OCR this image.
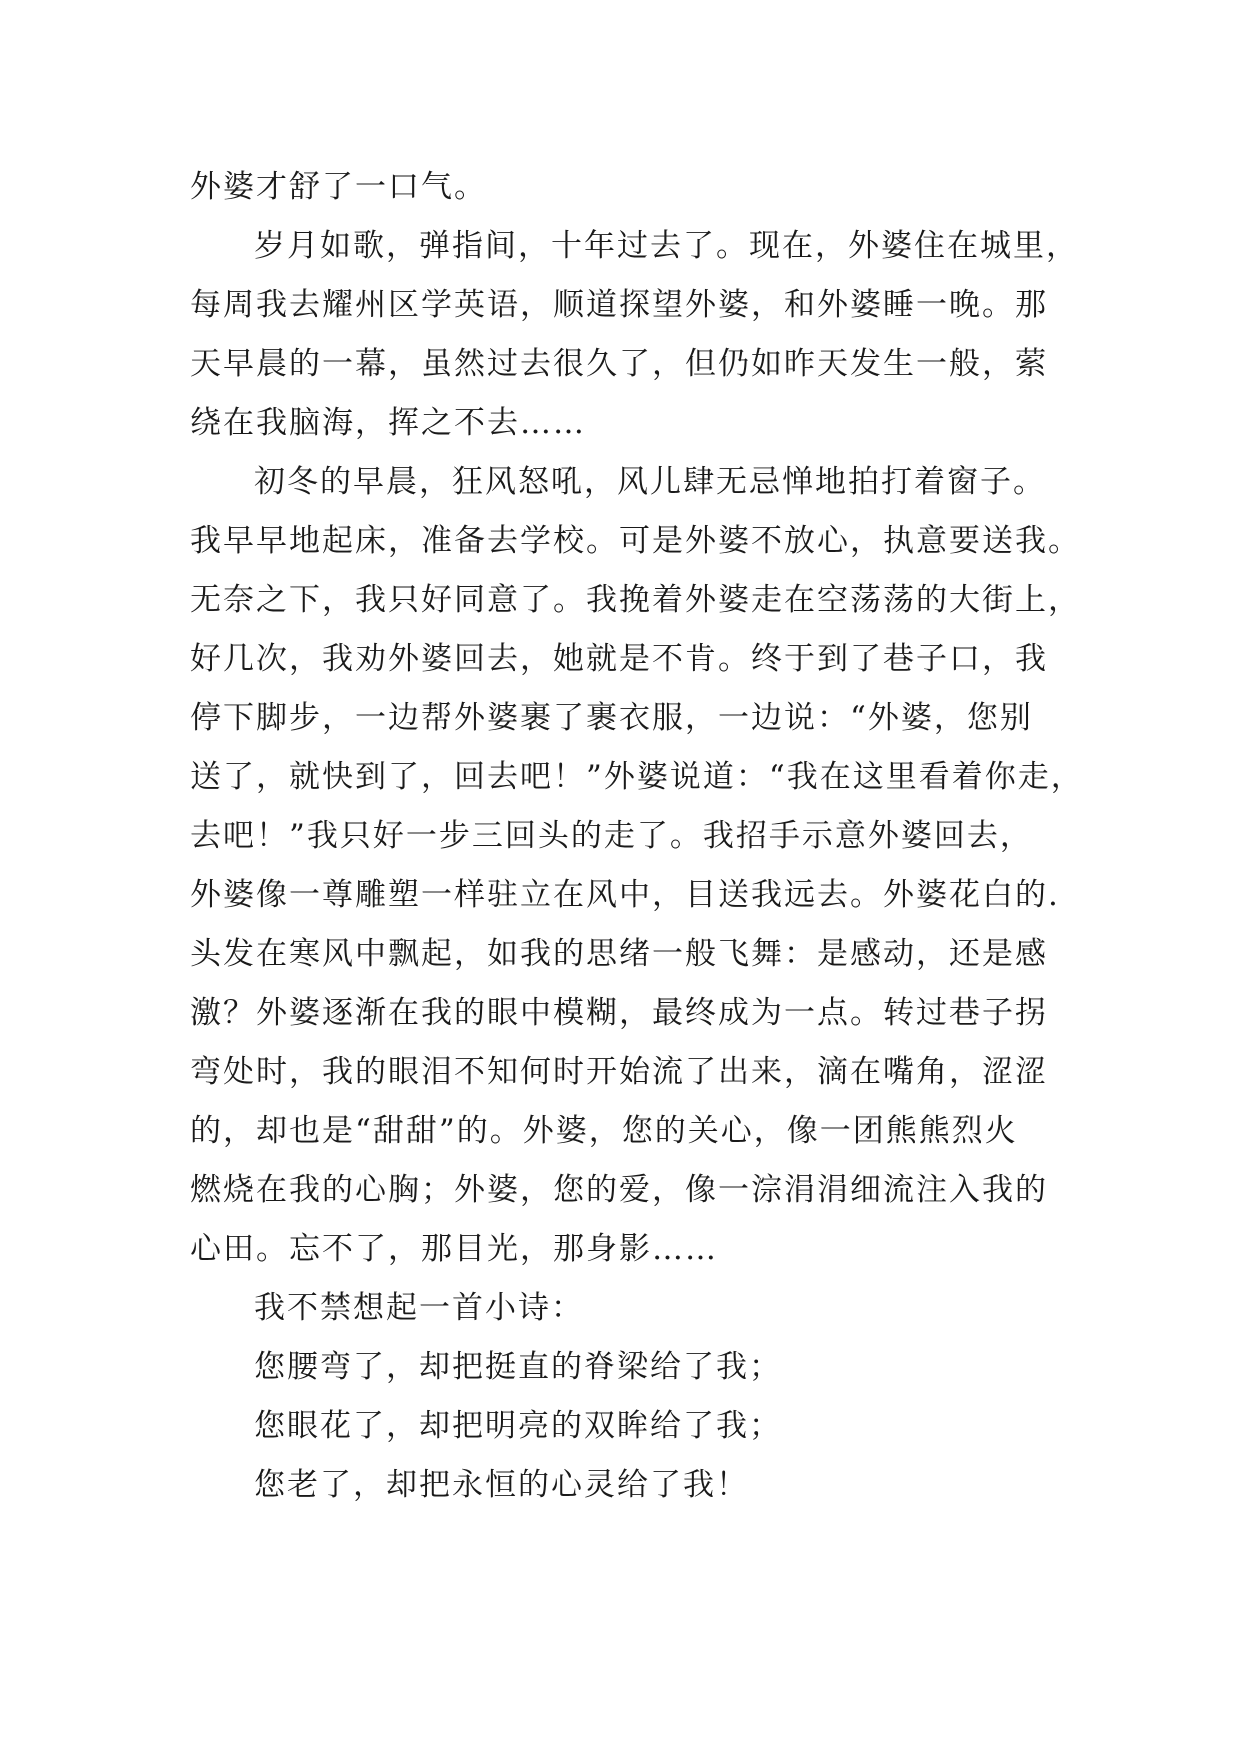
外婆才舒了一口气。
岁月如歌，弹指间，十年过去了。现在，外婆住在城里，
每周我去耀州区学英语，顺道探望外婆，和外婆睡一晚。那
天早晨的一幕，虽然过去很久了，但仍如昨天发生一般，萦
绕在我脑海，挥之不去……
初冬的早晨，狂风怒吼，风儿肆无忌惮地拍打着窗子。
我早早地起床，准备去学校。可是外婆不放心，执意要送我。
无奈之下，我只好同意了。我挽着外婆走在空荡荡的大街上，
好几次，我劝外婆回去，她就是不肯。终于到了巷子口，我
停下脚步，一边帮外婆裹了裹衣服，一边说：“外婆，您别
送了，就快到了，回去吧！”外婆说道：“我在这里看着你走，
去吧！”我只好一步三回头的走了。我招手示意外婆回去，
外婆像一尊雕塑一样驻立在风中，目送我远去。外婆花白的.
头发在寒风中飘起，如我的思绪一般飞舞：是感动，还是感
激？外婆逐渐在我的眼中模糊，最终成为一点。转过巷子拐
弯处时，我的眼泪不知何时开始流了出来，滴在嘴角，涩涩
的，却也是“甜甜”的。外婆，您的关心，像一团熊熊烈火
燃烧在我的心胸；外婆，您的爱，像一淙涓涓细流注入我的
心田。忘不了，那目光，那身影……
我不禁想起一首小诗：
您腰弯了，却把挺直的脊梁给了我；
您眼花了，却把明亮的双眸给了我；
您老了，却把永恒的心灵给了我！
